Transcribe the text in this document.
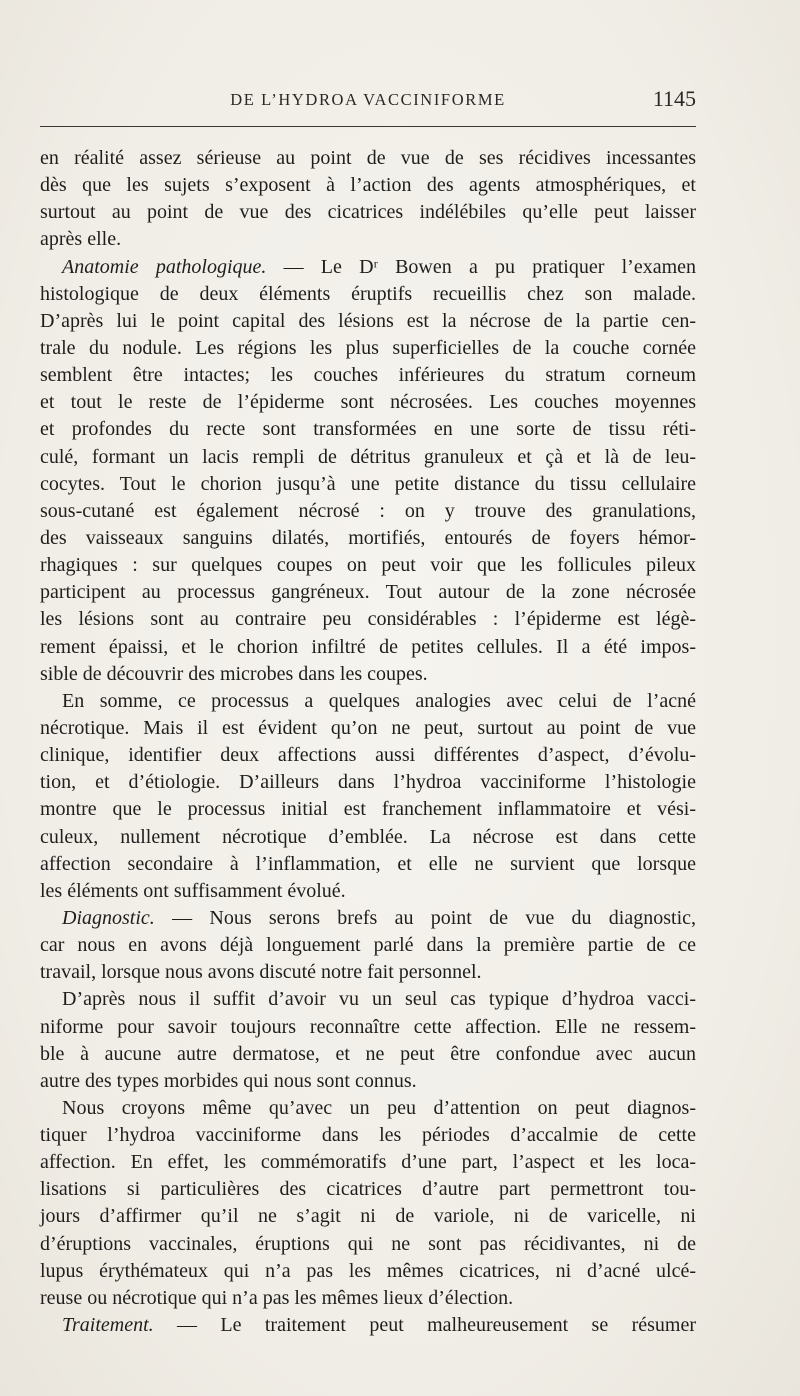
DE L’HYDROA VACCINIFORME	1145
en réalité assez sérieuse au point de vue de ses récidives incessantes
dès que les sujets s’exposent à l’action des agents atmosphériques, et
surtout au point de vue des cicatrices indélébiles qu’elle peut laisser
après elle.
Anatomie pathologique. — Le Dʳ Bowen a pu pratiquer l’examen
histologique de deux éléments éruptifs recueillis chez son malade.
D’après lui le point capital des lésions est la nécrose de la partie cen-
trale du nodule. Les régions les plus superficielles de la couche cornée
semblent être intactes; les couches inférieures du stratum corneum
et tout le reste de l’épiderme sont nécrosées. Les couches moyennes
et profondes du recte sont transformées en une sorte de tissu réti-
culé, formant un lacis rempli de détritus granuleux et çà et là de leu-
cocytes. Tout le chorion jusqu’à une petite distance du tissu cellulaire
sous-cutané est également nécrosé : on y trouve des granulations,
des vaisseaux sanguins dilatés, mortifiés, entourés de foyers hémor-
rhagiques : sur quelques coupes on peut voir que les follicules pileux
participent au processus gangréneux. Tout autour de la zone nécrosée
les lésions sont au contraire peu considérables : l’épiderme est légè-
rement épaissi, et le chorion infiltré de petites cellules. Il a été impos-
sible de découvrir des microbes dans les coupes.
En somme, ce processus a quelques analogies avec celui de l’acné
nécrotique. Mais il est évident qu’on ne peut, surtout au point de vue
clinique, identifier deux affections aussi différentes d’aspect, d’évolu-
tion, et d’étiologie. D’ailleurs dans l’hydroa vacciniforme l’histologie
montre que le processus initial est franchement inflammatoire et vési-
culeux, nullement nécrotique d’emblée. La nécrose est dans cette
affection secondaire à l’inflammation, et elle ne survient que lorsque
les éléments ont suffisamment évolué.
Diagnostic. — Nous serons brefs au point de vue du diagnostic,
car nous en avons déjà longuement parlé dans la première partie de ce
travail, lorsque nous avons discuté notre fait personnel.
D’après nous il suffit d’avoir vu un seul cas typique d’hydroa vacci-
niforme pour savoir toujours reconnaître cette affection. Elle ne ressem-
ble à aucune autre dermatose, et ne peut être confondue avec aucun
autre des types morbides qui nous sont connus.
Nous croyons même qu’avec un peu d’attention on peut diagnos-
tiquer l’hydroa vacciniforme dans les périodes d’accalmie de cette
affection. En effet, les commémoratifs d’une part, l’aspect et les loca-
lisations si particulières des cicatrices d’autre part permettront tou-
jours d’affirmer qu’il ne s’agit ni de variole, ni de varicelle, ni
d’éruptions vaccinales, éruptions qui ne sont pas récidivantes, ni de
lupus érythémateux qui n’a pas les mêmes cicatrices, ni d’acné ulcé-
reuse ou nécrotique qui n’a pas les mêmes lieux d’élection.
Traitement. — Le traitement peut malheureusement se résumer
